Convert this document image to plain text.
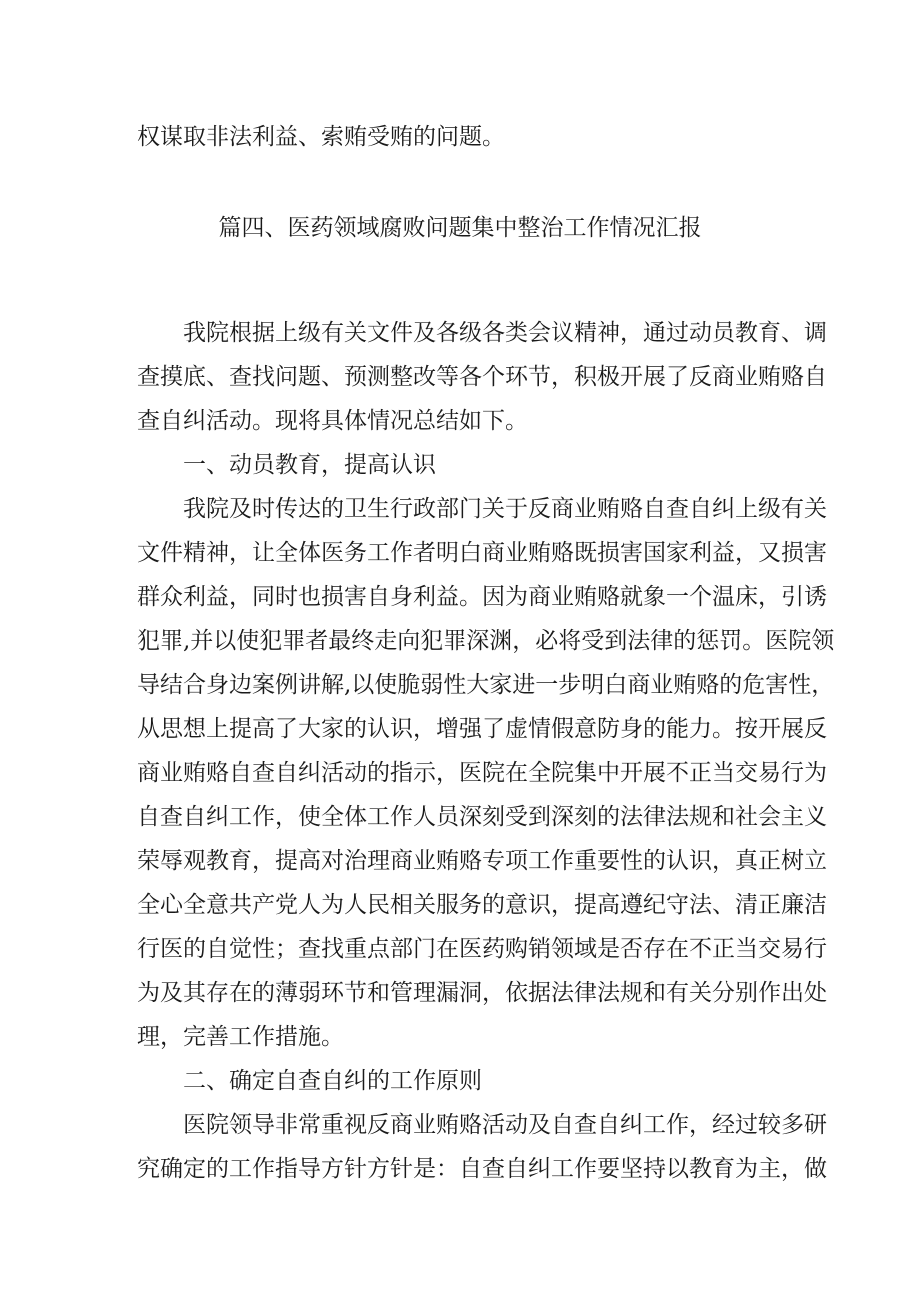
权谋取非法利益、索贿受贿的问题。
篇四、医药领域腐败问题集中整治工作情况汇报
我院根据上级有关文件及各级各类会议精神，通过动员教育、调
查摸底、查找问题、预测整改等各个环节，积极开展了反商业贿赂自
查自纠活动。现将具体情况总结如下。
一、动员教育，提高认识
我院及时传达的卫生行政部门关于反商业贿赂自查自纠上级有关
文件精神，让全体医务工作者明白商业贿赂既损害国家利益，又损害
群众利益，同时也损害自身利益。因为商业贿赂就象一个温床，引诱
犯罪,并以使犯罪者最终走向犯罪深渊，必将受到法律的惩罚。医院领
导结合身边案例讲解,以使脆弱性大家进一步明白商业贿赂的危害性，
从思想上提高了大家的认识，增强了虚情假意防身的能力。按开展反
商业贿赂自查自纠活动的指示，医院在全院集中开展不正当交易行为
自查自纠工作，使全体工作人员深刻受到深刻的法律法规和社会主义
荣辱观教育，提高对治理商业贿赂专项工作重要性的认识，真正树立
全心全意共产党人为人民相关服务的意识，提高遵纪守法、清正廉洁
行医的自觉性；查找重点部门在医药购销领域是否存在不正当交易行
为及其存在的薄弱环节和管理漏洞，依据法律法规和有关分别作出处
理，完善工作措施。
二、确定自查自纠的工作原则
医院领导非常重视反商业贿赂活动及自查自纠工作，经过较多研
究确定的工作指导方针方针是：自查自纠工作要坚持以教育为主，做
